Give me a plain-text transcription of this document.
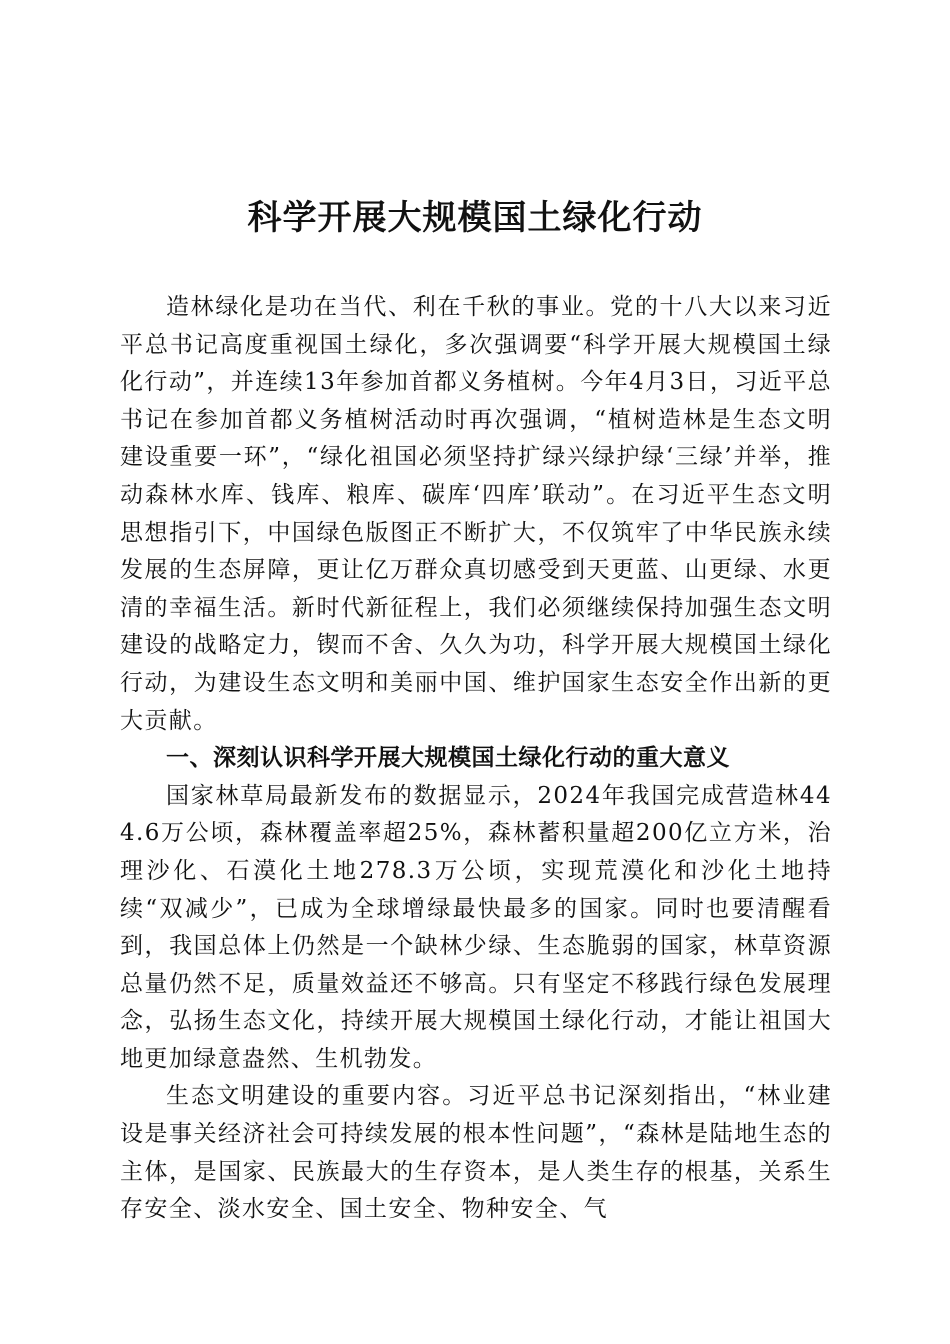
科学开展大规模国土绿化行动

造林绿化是功在当代、利在千秋的事业。党的十八大以来习近平总书记高度重视国土绿化，多次强调要“科学开展大规模国土绿化行动”，并连续13年参加首都义务植树。今年4月3日，习近平总书记在参加首都义务植树活动时再次强调，“植树造林是生态文明建设重要一环”，“绿化祖国必须坚持扩绿兴绿护绿‘三绿’并举，推动森林水库、钱库、粮库、碳库‘四库’联动”。在习近平生态文明思想指引下，中国绿色版图正不断扩大，不仅筑牢了中华民族永续发展的生态屏障，更让亿万群众真切感受到天更蓝、山更绿、水更清的幸福生活。新时代新征程上，我们必须继续保持加强生态文明建设的战略定力，锲而不舍、久久为功，科学开展大规模国土绿化行动，为建设生态文明和美丽中国、维护国家生态安全作出新的更大贡献。

一、深刻认识科学开展大规模国土绿化行动的重大意义

国家林草局最新发布的数据显示，2024年我国完成营造林444.6万公顷，森林覆盖率超25%，森林蓄积量超200亿立方米，治理沙化、石漠化土地278.3万公顷，实现荒漠化和沙化土地持续“双减少”，已成为全球增绿最快最多的国家。同时也要清醒看到，我国总体上仍然是一个缺林少绿、生态脆弱的国家，林草资源总量仍然不足，质量效益还不够高。只有坚定不移践行绿色发展理念，弘扬生态文化，持续开展大规模国土绿化行动，才能让祖国大地更加绿意盎然、生机勃发。

生态文明建设的重要内容。习近平总书记深刻指出，“林业建设是事关经济社会可持续发展的根本性问题”，“森林是陆地生态的主体，是国家、民族最大的生存资本，是人类生存的根基，关系生存安全、淡水安全、国土安全、物种安全、气
